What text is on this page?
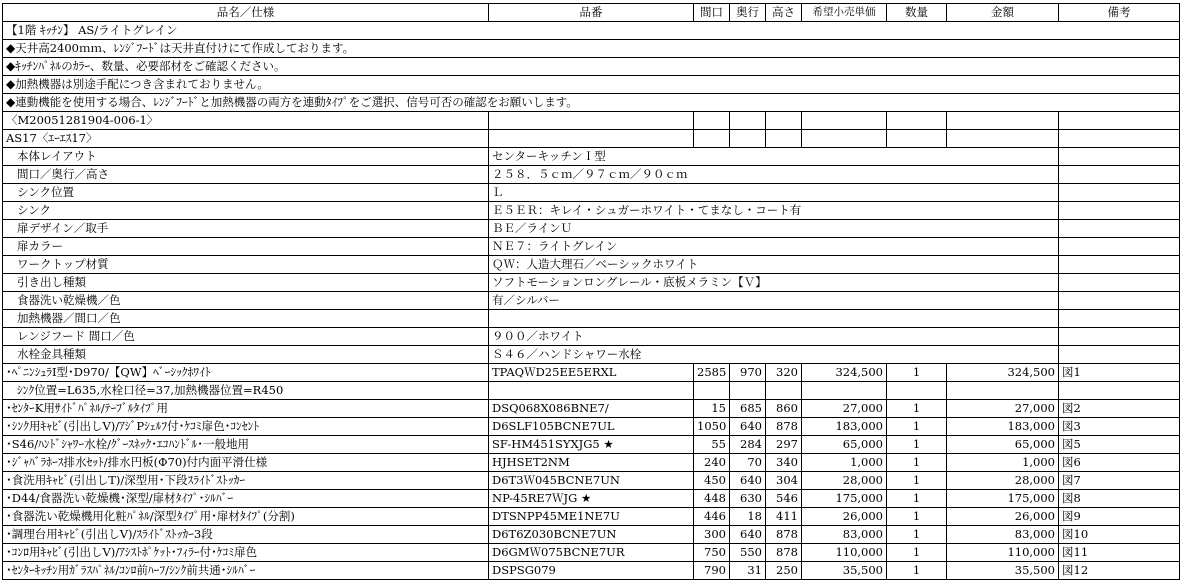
品名／仕様	品番	間口	奥行	高さ	希望小売単価	数量	金額	備考
【1階 ｷｯﾁﾝ】 AS/ライトグレイン								
◆天井高2400ｍｍ、ﾚﾝｼﾞﾌｰﾄﾞは天井直付けにて作成しております。								
◆ｷｯﾁﾝﾊﾟﾈﾙのｶﾗｰ、数量、必要部材をご確認ください。								
◆加熱機器は別途手配につき含まれておりません。								
◆連動機能を使用する場合、ﾚﾝｼﾞﾌｰﾄﾞと加熱機器の両方を連動ﾀｲﾌﾟをご選択、信号可否の確認をお願いします。								
〈M20051281904-006-1〉								
AS17〈ｴｰｴｽ17〉								
本体レイアウト	センターキッチンＩ型							
間口／奥行／高さ	２５８．５ｃｍ／９７ｃｍ／９０ｃｍ							
シンク位置	Ｌ							
シンク	Ｅ５ＥＲ：キレイ・シュガーホワイト・てまなし・コート有							
扉デザイン／取手	ＢＥ／ラインＵ							
扉カラー	ＮＥ７：ライトグレイン							
ワークトップ材質	ＱＷ：人造大理石／ベーシックホワイト							
引き出し種類	ソフトモーションロングレール・底板メラミン【Ｖ】							
食器洗い乾燥機／色	有／シルバー							
加熱機器／間口／色								
レンジフード 間口／色	９００／ホワイト							
水栓金具種類	Ｓ４６／ハンドシャワー水栓							
･ﾍﾟﾆﾝｼｭﾗI型･D970/【QW】ﾍﾞｰｼｯｸﾎﾜｲﾄ	TPAQＷD25EE5ERXL	2585	970	320	324,500	1	324,500	図1
ｼﾝｸ位置=L635,水栓口径=37,加熱機器位置=R450								
･ｾﾝﾀｰK用ｻｲﾄﾞﾊﾟﾈﾙ/ﾃｰﾌﾞﾙﾀｲﾌﾟ用	DSQ068X086BNE7/	15	685	860	27,000	1	27,000	図2
･ｼﾝｸ用ｷｬﾋﾞ(引出しV)/ｱｼﾞPｼｪﾙﾌ付･ｹｺﾐ扉色･ｺﾝｾﾝﾄ	D6SLF105BCNE7UL	1050	640	878	183,000	1	183,000	図3
･S46/ﾊﾝﾄﾞｼｬﾜｰ水栓/ｸﾞｰｽﾈｯｸ･ｴｺﾊﾝﾄﾞﾙ･一般地用	SF-HM451SYXJG5 ★	55	284	297	65,000	1	65,000	図5
･ｼﾞｬﾊﾞﾗﾎｰｽ排水ｾｯﾄ/排水円板(Φ70)付内面平滑仕様	HJHSET2NM	240	70	340	1,000	1	1,000	図6
･食洗用ｷｬﾋﾞ(引出しT)/深型用･下段ｽﾗｲﾄﾞｽﾄｯｶｰ	D6T3Ｗ045BCNE7UN	450	640	304	28,000	1	28,000	図7
･D44/食器洗い乾燥機･深型/扉材ﾀｲﾌﾟ･ｼﾙﾊﾞｰ	NP-45RE7ＷJG ★	448	630	546	175,000	1	175,000	図8
･食器洗い乾燥機用化粧ﾊﾟﾈﾙ/深型ﾀｲﾌﾟ用･扉材ﾀｲﾌﾟ(分割)	DTSNPP45ME1NE7U	446	18	411	26,000	1	26,000	図9
･調理台用ｷｬﾋﾞ(引出しV)/ｽﾗｲﾄﾞｽﾄｯｶｰ3段	D6T6Z030BCNE7UN	300	640	878	83,000	1	83,000	図10
･ｺﾝﾛ用ｷｬﾋﾞ(引出しV)/ｱｼｽﾄﾎﾟｹｯﾄ･ﾌｨﾗｰ付･ｹｺﾐ扉色	D6GMＷ075BCNE7UR	750	550	878	110,000	1	110,000	図11
･ｾﾝﾀｰｷｯﾁﾝ用ｶﾞﾗｽﾊﾟﾈﾙ/ｺﾝﾛ前ﾊｰﾌ/ｼﾝｸ前共通･ｼﾙﾊﾞｰ	DSPSG079	790	31	250	35,500	1	35,500	図12
